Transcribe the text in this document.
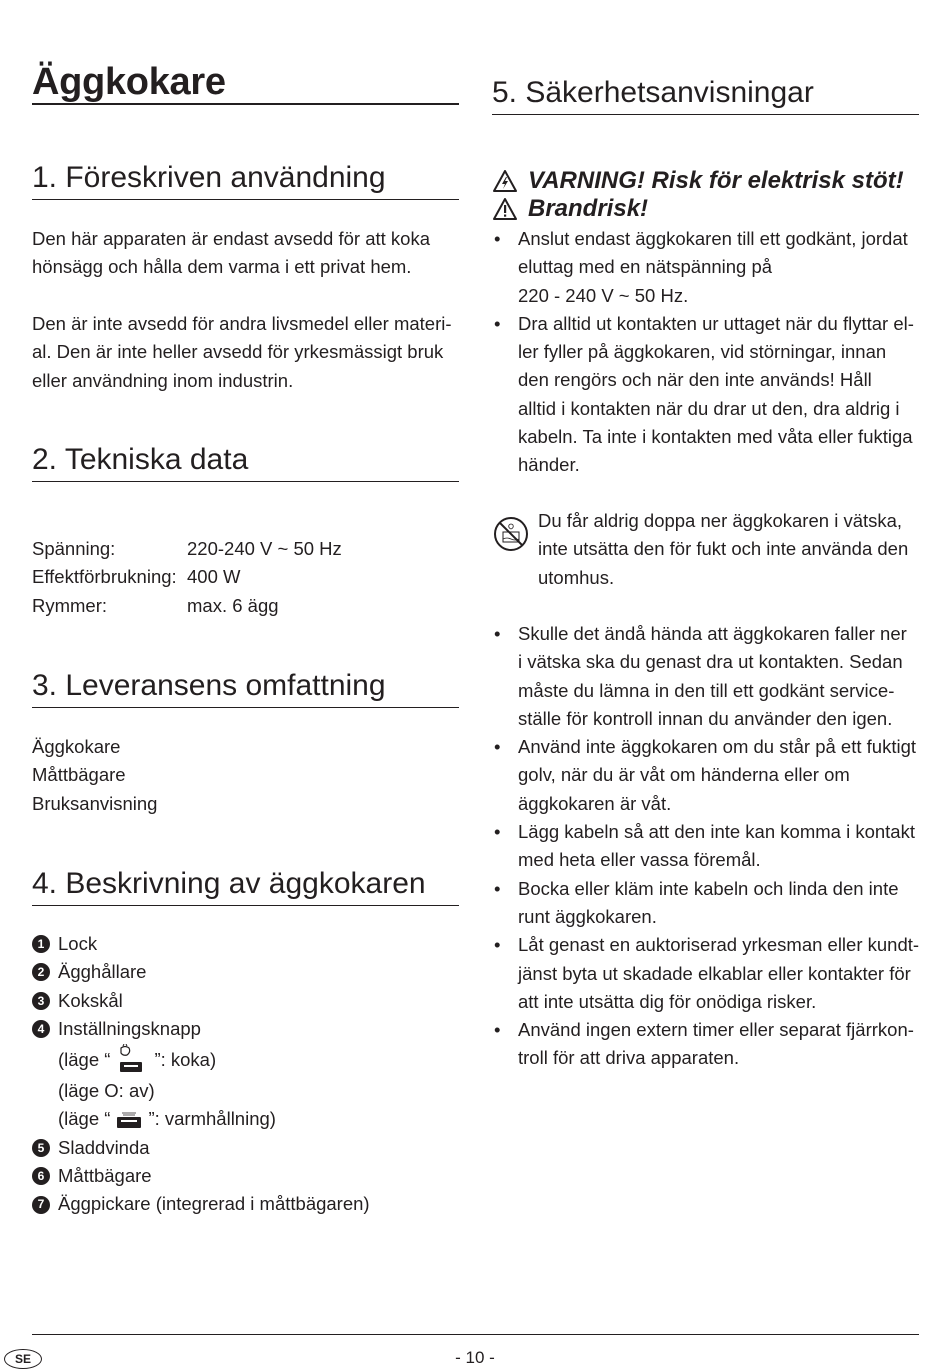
Äggkokare
1. Föreskriven användning
Den här apparaten är endast avsedd för att koka
hönsägg och hålla dem varma i ett privat hem.
Den är inte avsedd för andra livsmedel eller materi-
al. Den är inte heller avsedd för yrkesmässigt bruk
eller användning inom industrin.
2. Tekniska data
Spänning:	220-240 V ~ 50 Hz
Effektförbrukning: 400 W
Rymmer:	max. 6 ägg
3. Leveransens omfattning
Äggkokare
Måttbägare
Bruksanvisning
4. Beskrivning av äggkokaren
1 Lock
2 Ägghållare
3 Kokskål
4 Inställningsknapp
(läge “ ”: koka)
(läge O: av)
(läge “ ”: varmhållning)
5 Sladdvinda
6 Måttbägare
7 Äggpickare (integrerad i måttbägaren)
5. Säkerhetsanvisningar
VARNING! Risk för elektrisk stöt!
Brandrisk!
• Anslut endast äggkokaren till ett godkänt, jordat
eluttag med en nätspänning på
220 - 240 V ~ 50 Hz.
• Dra alltid ut kontakten ur uttaget när du flyttar el-
ler fyller på äggkokaren, vid störningar, innan
den rengörs och när den inte används! Håll
alltid i kontakten när du drar ut den, dra aldrig i
kabeln. Ta inte i kontakten med våta eller fuktiga
händer.
Du får aldrig doppa ner äggkokaren i vätska,
inte utsätta den för fukt och inte använda den
utomhus.
• Skulle det ändå hända att äggkokaren faller ner
i vätska ska du genast dra ut kontakten. Sedan
måste du lämna in den till ett godkänt service-
ställe för kontroll innan du använder den igen.
• Använd inte äggkokaren om du står på ett fuktigt
golv, när du är våt om händerna eller om
äggkokaren är våt.
• Lägg kabeln så att den inte kan komma i kontakt
med heta eller vassa föremål.
• Bocka eller kläm inte kabeln och linda den inte
runt äggkokaren.
• Låt genast en auktoriserad yrkesman eller kundt-
jänst byta ut skadade elkablar eller kontakter för
att inte utsätta dig för onödiga risker.
• Använd ingen extern timer eller separat fjärrkon-
troll för att driva apparaten.
SE	- 10 -
